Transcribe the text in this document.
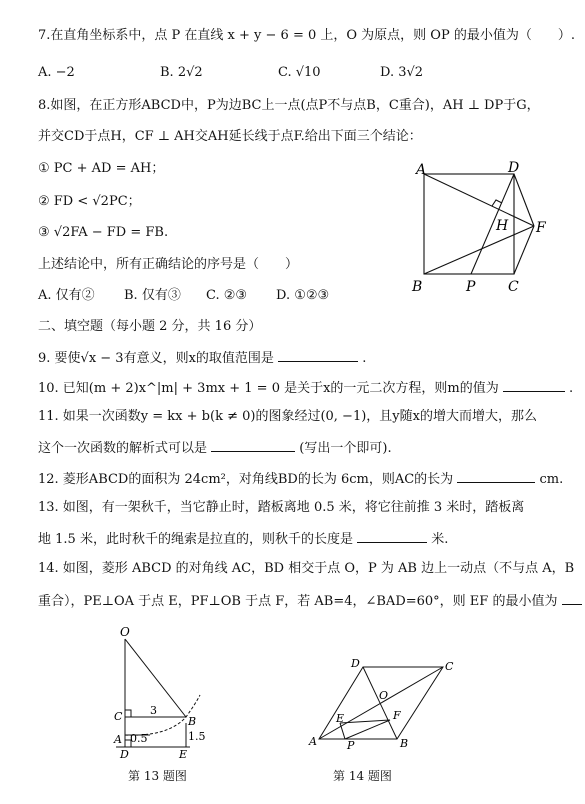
7.在直角坐标系中，点 P 在直线 x + y − 6 = 0 上，O 为原点，则 OP 的最小值为（　　）.
A. −2	B. 2√2	C. √10	D. 3√2
8.如图，在正方形ABCD中，P为边BC上一点(点P不与点B，C重合)，AH ⊥ DP于G，
并交CD于点H，CF ⊥ AH交AH延长线于点F.给出下面三个结论：
① PC + AD = AH；
② FD < √2PC；
③ √2FA − FD = FB.
上述结论中，所有正确结论的序号是（　　）
A. 仅有② B. 仅有③ C. ②③ D. ①②③
A	D
H F
B	P C
二、填空题（每小题 2 分，共 16 分）
9. 要使√x − 3有意义，则x的取值范围是	.
10. 已知(m + 2)x^|m| + 3mx + 1 = 0 是关于x的一元二次方程，则m的值为	.
11. 如果一次函数y = kx + b(k ≠ 0)的图象经过(0, −1)，且y随x的增大而增大，那么
这个一次函数的解析式可以是	(写出一个即可).
12. 菱形ABCD的面积为 24cm²，对角线BD的长为 6cm，则AC的长为	cm.
13. 如图，有一架秋千，当它静止时，踏板离地 0.5 米，将它往前推 3 米时，踏板离
地 1.5 米，此时秋千的绳索是拉直的，则秋千的长度是	米.
14. 如图，菱形 ABCD 的对角线 AC，BD 相交于点 O，P 为 AB 边上一动点（不与点 A，B
重合），PE⊥OA 于点 E，PF⊥OB 于点 F，若 AB=4，∠BAD=60°，则 EF 的最小值为
O
C	3
B
1.5
A 0.5
D	E
第 13 题图
D	C
O
E	F
A	P	B
第 14 题图
